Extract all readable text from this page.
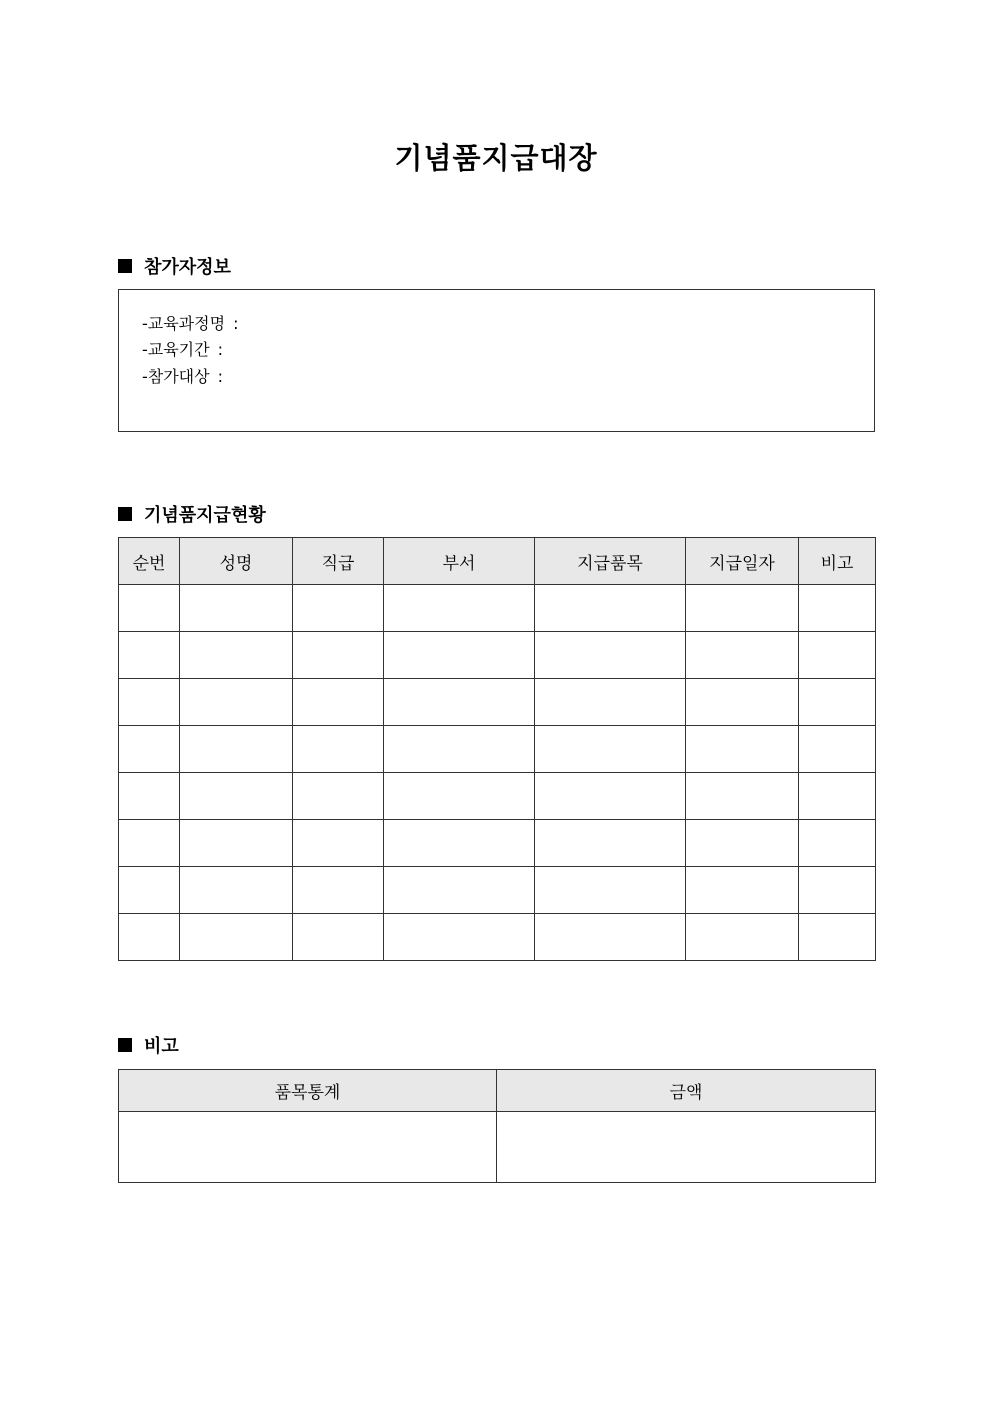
기념품지급대장
참가자정보
-교육과정명 :
-교육기간 :
-참가대상 :
기념품지급현황
순번	성명	직급	부서	지급품목	지급일자	비고

비고
품목통계	금액
